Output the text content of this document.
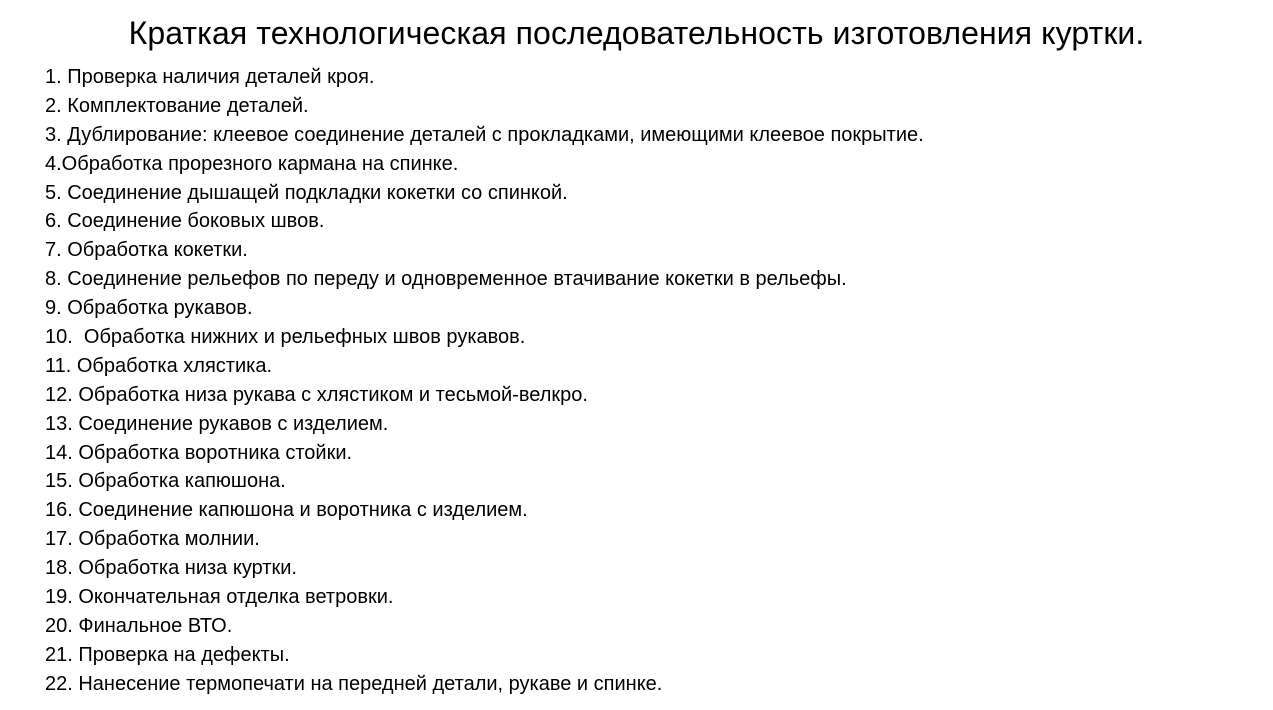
Краткая технологическая последовательность изготовления куртки.
1. Проверка наличия деталей кроя.
2. Комплектование деталей.
3. Дублирование: клеевое соединение деталей с прокладками, имеющими клеевое покрытие.
4.Обработка прорезного кармана на спинке.
5. Соединение дышащей подкладки кокетки со спинкой.
6. Соединение боковых швов.
7. Обработка кокетки.
8. Соединение рельефов по переду и одновременное втачивание кокетки в рельефы.
9. Обработка рукавов.
10.  Обработка нижних и рельефных швов рукавов.
11. Обработка хлястика.
12. Обработка низа рукава с хлястиком и тесьмой-велкро.
13. Соединение рукавов с изделием.
14. Обработка воротника стойки.
15. Обработка капюшона.
16. Соединение капюшона и воротника с изделием.
17. Обработка молнии.
18. Обработка низа куртки.
19. Окончательная отделка ветровки.
20. Финальное ВТО.
21. Проверка на дефекты.
22. Нанесение термопечати на передней детали, рукаве и спинке.
